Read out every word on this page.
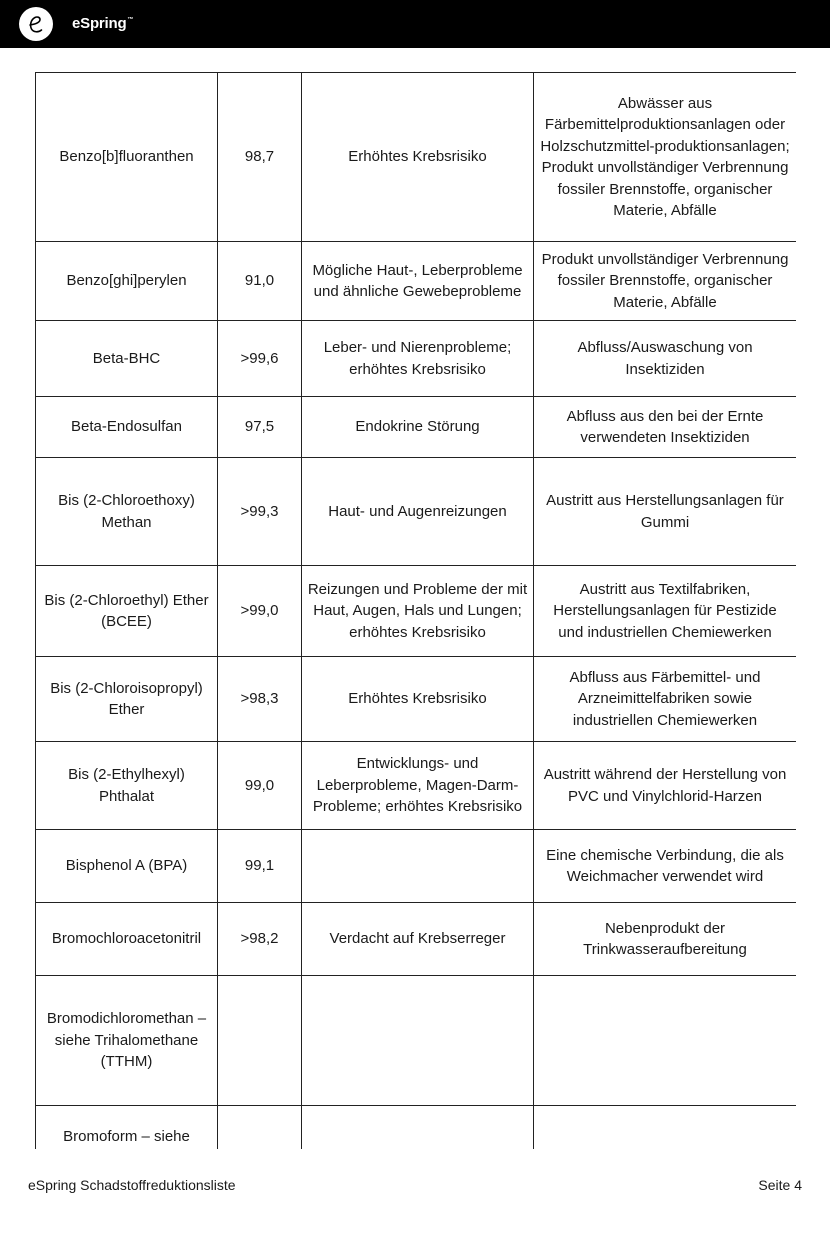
eSpring™
Benzo[b]fluoranthen	98,7	Erhöhtes Krebsrisiko	Abwässer aus Färbemittelproduktionsanlagen oder Holzschutzmittel-produktionsanlagen; Produkt unvollständiger Verbrennung fossiler Brennstoffe, organischer Materie, Abfälle
Benzo[ghi]perylen	91,0	Mögliche Haut-, Leberprobleme und ähnliche Gewebeprobleme	Produkt unvollständiger Verbrennung fossiler Brennstoffe, organischer Materie, Abfälle
Beta-BHC	>99,6	Leber- und Nierenprobleme; erhöhtes Krebsrisiko	Abfluss/Auswaschung von Insektiziden
Beta-Endosulfan	97,5	Endokrine Störung	Abfluss aus den bei der Ernte verwendeten Insektiziden
Bis (2-Chloroethoxy) Methan	>99,3	Haut- und Augenreizungen	Austritt aus Herstellungsanlagen für Gummi
Bis (2-Chloroethyl) Ether (BCEE)	>99,0	Reizungen und Probleme der mit Haut, Augen, Hals und Lungen; erhöhtes Krebsrisiko	Austritt aus Textilfabriken, Herstellungsanlagen für Pestizide und industriellen Chemiewerken
Bis (2-Chloroisopropyl) Ether	>98,3	Erhöhtes Krebsrisiko	Abfluss aus Färbemittel- und Arzneimittelfabriken sowie industriellen Chemiewerken
Bis (2-Ethylhexyl) Phthalat	99,0	Entwicklungs- und Leberprobleme, Magen-Darm-Probleme; erhöhtes Krebsrisiko	Austritt während der Herstellung von PVC und Vinylchlorid-Harzen
Bisphenol A (BPA)	99,1		Eine chemische Verbindung, die als Weichmacher verwendet wird
Bromochloroacetonitril	>98,2	Verdacht auf Krebserreger	Nebenprodukt der Trinkwasseraufbereitung
Bromodichloromethan – siehe Trihalomethane (TTHM)			
Bromoform – siehe			
eSpring Schadstoffreduktionsliste	Seite 4
